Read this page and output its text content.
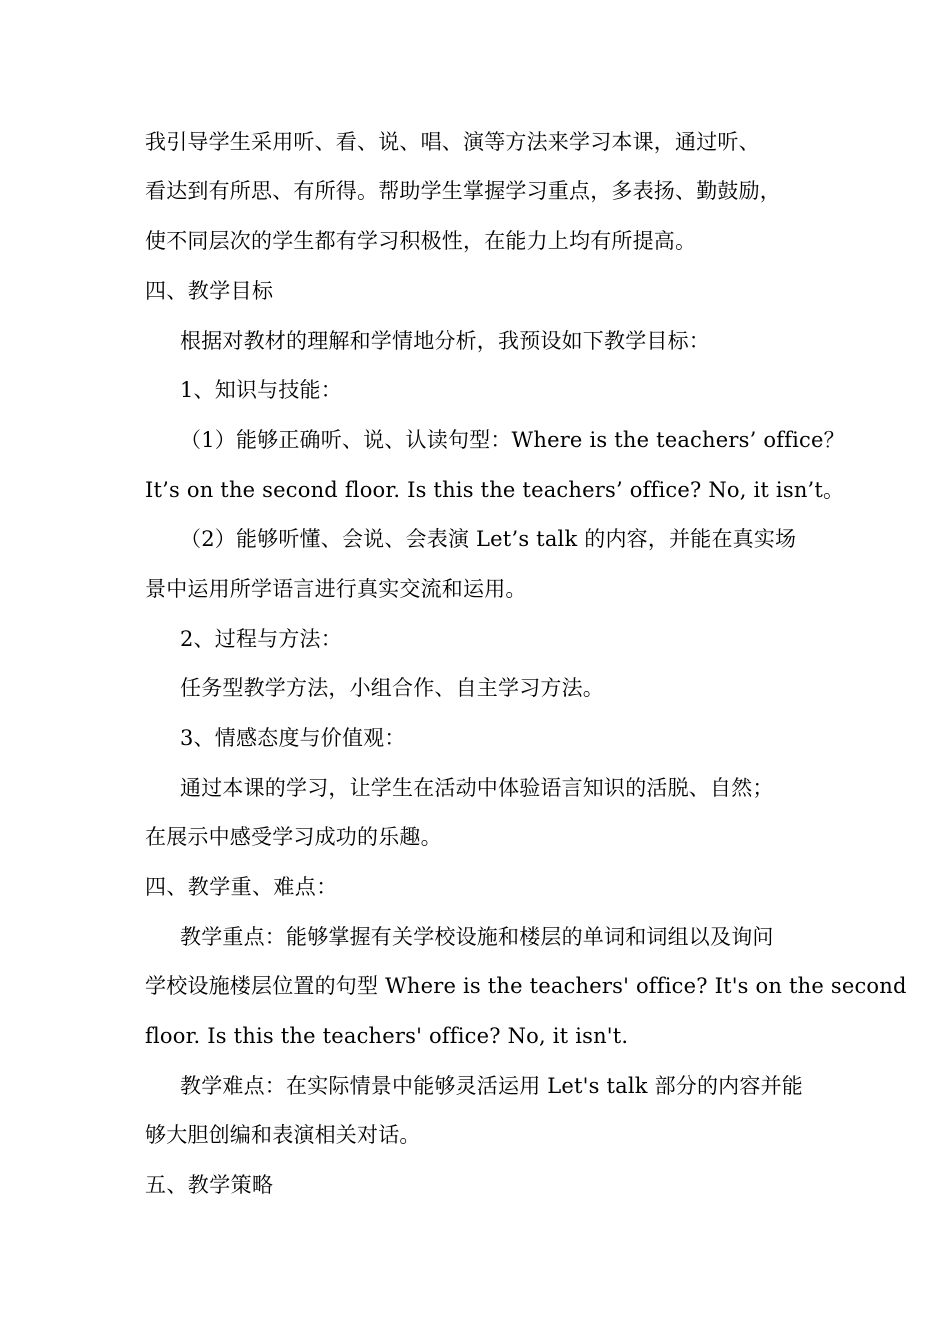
我引导学生采用听、看、说、唱、演等方法来学习本课，通过听、
看达到有所思、有所得。帮助学生掌握学习重点，多表扬、勤鼓励，
使不同层次的学生都有学习积极性，在能力上均有所提高。
四、教学目标
根据对教材的理解和学情地分析，我预设如下教学目标：
1、知识与技能：
（1）能够正确听、说、认读句型：Where is the teachers’ office？
It’s on the second floor. Is this the teachers’ office? No, it isn’t。
（2）能够听懂、会说、会表演 Let’s talk 的内容，并能在真实场
景中运用所学语言进行真实交流和运用。
2、过程与方法：
任务型教学方法，小组合作、自主学习方法。
3、情感态度与价值观：
通过本课的学习，让学生在活动中体验语言知识的活脱、自然；
在展示中感受学习成功的乐趣。
四、教学重、难点：
教学重点：能够掌握有关学校设施和楼层的单词和词组以及询问
学校设施楼层位置的句型 Where is the teachers' office? It's on the second
floor. Is this the teachers' office? No, it isn't.
教学难点：在实际情景中能够灵活运用 Let's talk 部分的内容并能
够大胆创编和表演相关对话。
五、教学策略
